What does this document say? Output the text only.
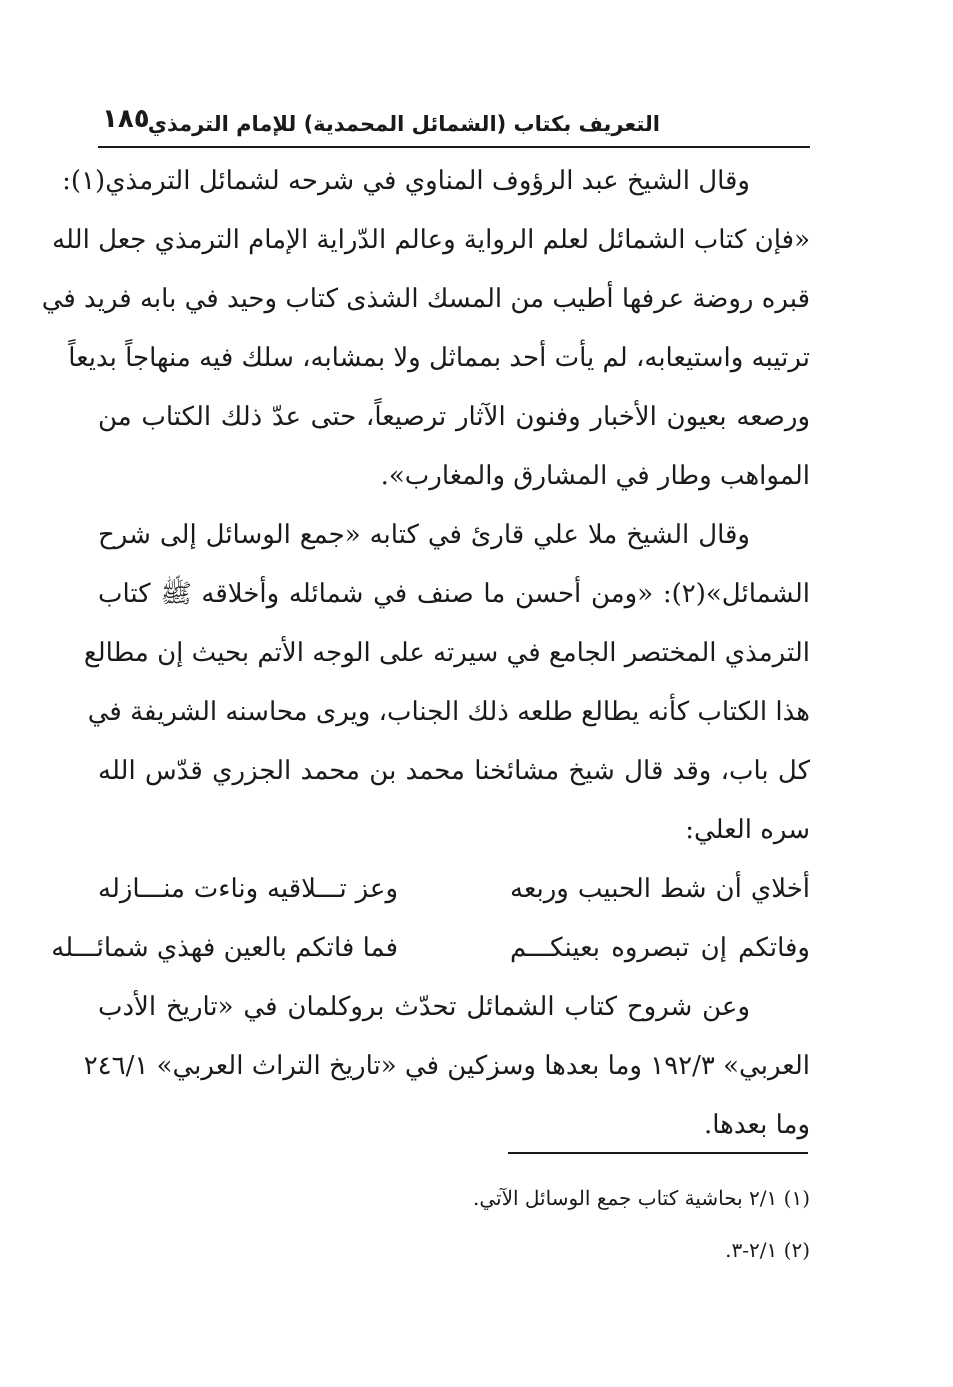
التعريف بكتاب (الشمائل المحمدية) للإمام الترمذي
١٨٥
وقال الشيخ عبد الرؤوف المناوي في شرحه لشمائل الترمذي(١):
«فإن كتاب الشمائل لعلم الرواية وعالم الدّراية الإمام الترمذي جعل الله
قبره روضة عرفها أطيب من المسك الشذى كتاب وحيد في بابه فريد في
ترتيبه واستيعابه، لم يأت أحد بمماثل ولا بمشابه، سلك فيه منهاجاً بديعاً
ورصعه بعيون الأخبار وفنون الآثار ترصيعاً، حتى عدّ ذلك الكتاب من
المواهب وطار في المشارق والمغارب».
وقال الشيخ ملا علي قارئ في كتابه «جمع الوسائل إلى شرح
الشمائل»(٢): «ومن أحسن ما صنف في شمائله وأخلاقه ﷺ كتاب
الترمذي المختصر الجامع في سيرته على الوجه الأتم بحيث إن مطالع
هذا الكتاب كأنه يطالع طلعه ذلك الجناب، ويرى محاسنه الشريفة في
كل باب، وقد قال شيخ مشائخنا محمد بن محمد الجزري قدّس الله
سره العلي:
أخلاي أن شط الحبيب وربعه
وعز تـــلاقيه وناءت منـــازله
وفاتكم إن تبصروه بعينكـــم
فما فاتكم بالعين فهذي شمائـــله
وعن شروح كتاب الشمائل تحدّث بروكلمان في «تاريخ الأدب
العربي» ١٩٢/٣ وما بعدها وسزكين في «تاريخ التراث العربي» ٢٤٦/١
وما بعدها.
(١) ٢/١ بحاشية كتاب جمع الوسائل الآتي.
(٢) ٢/١-٣.
